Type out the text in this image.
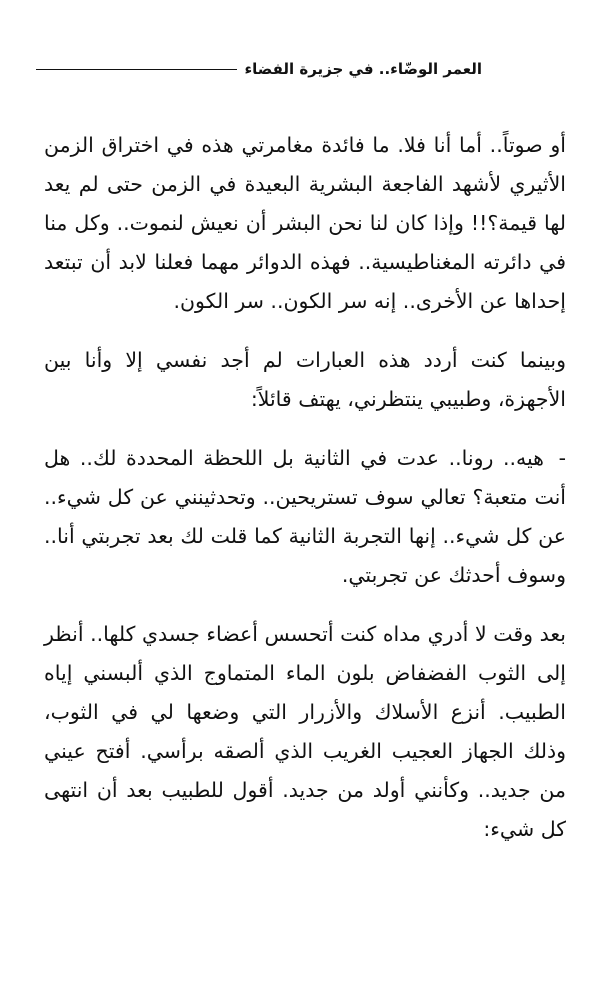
العمر الوضّاء.. في جزيرة الفضاء

أو صوتاً.. أما أنا فلا. ما فائدة مغامرتي هذه في اختراق الزمن الأثيري لأشهد الفاجعة البشرية البعيدة في الزمن حتى لم يعد لها قيمة؟!! وإذا كان لنا نحن البشر أن نعيش لنموت.. وكل منا في دائرته المغناطيسية.. فهذه الدوائر مهما فعلنا لابد أن تبتعد إحداها عن الأخرى.. إنه سر الكون.. سر الكون.

وبينما كنت أردد هذه العبارات لم أجد نفسي إلا وأنا بين الأجهزة، وطبيبي ينتظرني، يهتف قائلاً:

-هيه.. رونا.. عدت في الثانية بل اللحظة المحددة لك.. هل أنت متعبة؟ تعالي سوف تستريحين.. وتحدثينني عن كل شيء.. عن كل شيء.. إنها التجربة الثانية كما قلت لك بعد تجربتي أنا.. وسوف أحدثك عن تجربتي.

بعد وقت لا أدري مداه كنت أتحسس أعضاء جسدي كلها.. أنظر إلى الثوب الفضفاض بلون الماء المتماوج الذي ألبسني إياه الطبيب. أنزع الأسلاك والأزرار التي وضعها لي في الثوب، وذلك الجهاز العجيب الغريب الذي ألصقه برأسي. أفتح عيني من جديد.. وكأنني أولد من جديد. أقول للطبيب بعد أن انتهى كل شيء:
